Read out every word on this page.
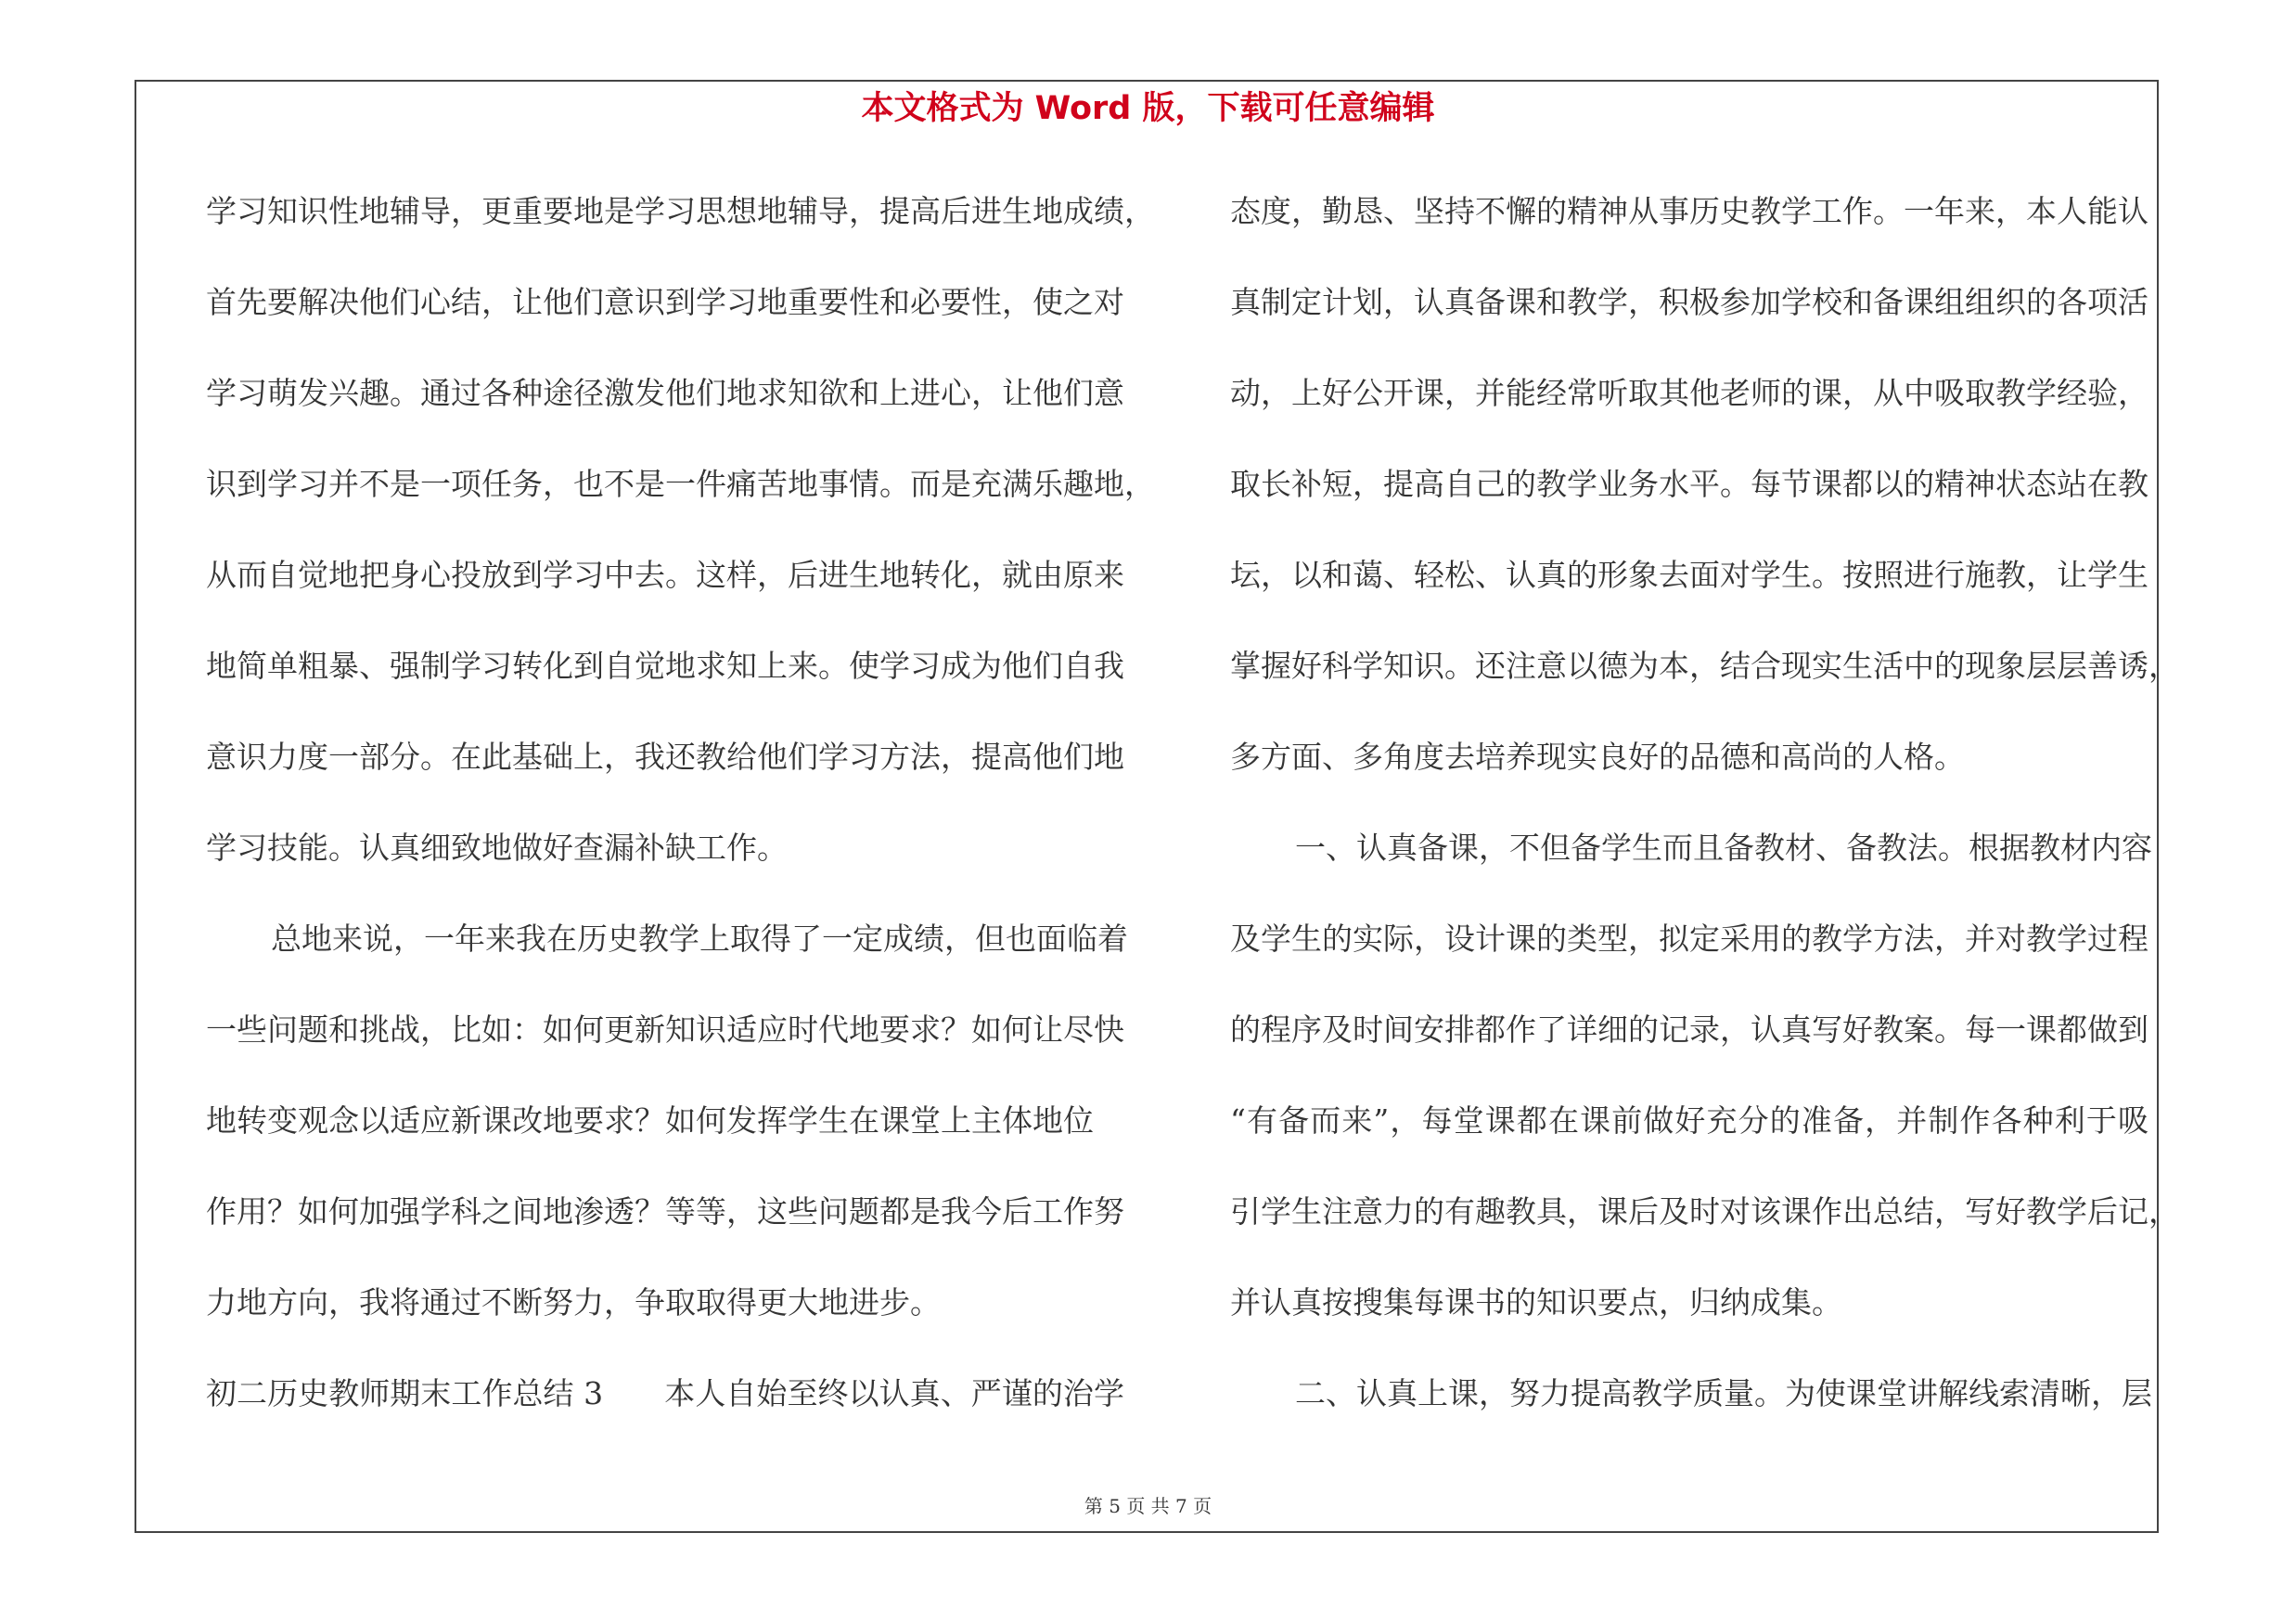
本文格式为 Word 版，下载可任意编辑
学习知识性地辅导，更重要地是学习思想地辅导，提高后进生地成绩，
首先要解决他们心结，让他们意识到学习地重要性和必要性，使之对
学习萌发兴趣。通过各种途径激发他们地求知欲和上进心，让他们意
识到学习并不是一项任务，也不是一件痛苦地事情。而是充满乐趣地，
从而自觉地把身心投放到学习中去。这样，后进生地转化，就由原来
地简单粗暴、强制学习转化到自觉地求知上来。使学习成为他们自我
意识力度一部分。在此基础上，我还教给他们学习方法，提高他们地
学习技能。认真细致地做好查漏补缺工作。
总地来说，一年来我在历史教学上取得了一定成绩，但也面临着
一些问题和挑战，比如：如何更新知识适应时代地要求？如何让尽快
地转变观念以适应新课改地要求？如何发挥学生在课堂上主体地位
作用？如何加强学科之间地渗透？等等，这些问题都是我今后工作努
力地方向，我将通过不断努力，争取取得更大地进步。
初二历史教师期末工作总结 3　　本人自始至终以认真、严谨的治学
态度，勤恳、坚持不懈的精神从事历史教学工作。一年来，本人能认
真制定计划，认真备课和教学，积极参加学校和备课组组织的各项活
动，上好公开课，并能经常听取其他老师的课，从中吸取教学经验，
取长补短，提高自己的教学业务水平。每节课都以的精神状态站在教
坛，以和蔼、轻松、认真的形象去面对学生。按照进行施教，让学生
掌握好科学知识。还注意以德为本，结合现实生活中的现象层层善诱，
多方面、多角度去培养现实良好的品德和高尚的人格。
一、认真备课，不但备学生而且备教材、备教法。根据教材内容
及学生的实际，设计课的类型，拟定采用的教学方法，并对教学过程
的程序及时间安排都作了详细的记录，认真写好教案。每一课都做到
“有备而来”，每堂课都在课前做好充分的准备，并制作各种利于吸
引学生注意力的有趣教具，课后及时对该课作出总结，写好教学后记，
并认真按搜集每课书的知识要点，归纳成集。
二、认真上课，努力提高教学质量。为使课堂讲解线索清晰，层
第 5 页 共 7 页
